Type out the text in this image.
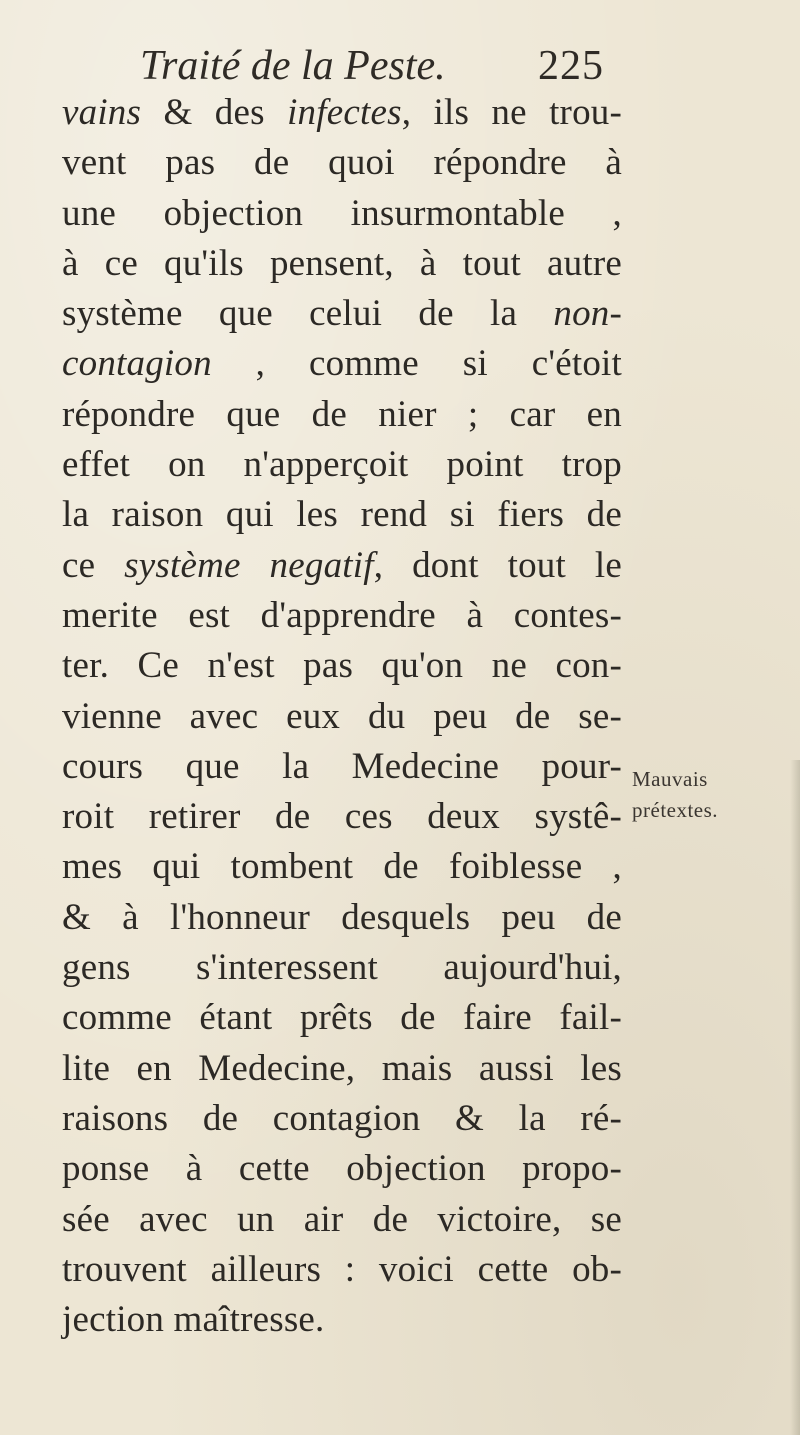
Traité de la Peste. 225
vains & des infectes, ils ne trou-
vent pas de quoi répondre à
une objection insurmontable ,
à ce qu'ils pensent, à tout autre
système que celui de la non-
contagion , comme si c'étoit
répondre que de nier ; car en
effet on n'apperçoit point trop
la raison qui les rend si fiers de
ce système negatif, dont tout le
merite est d'apprendre à contes-
ter. Ce n'est pas qu'on ne con-
vienne avec eux du peu de se-
cours que la Medecine pour-
roit retirer de ces deux systê-
mes qui tombent de foiblesse ,
& à l'honneur desquels peu de
gens s'interessent aujourd'hui,
comme étant prêts de faire fail-
lite en Medecine, mais aussi les
raisons de contagion & la ré-
ponse à cette objection propo-
sée avec un air de victoire, se
trouvent ailleurs : voici cette ob-
jection maîtresse.
Mauvais
prétextes.
